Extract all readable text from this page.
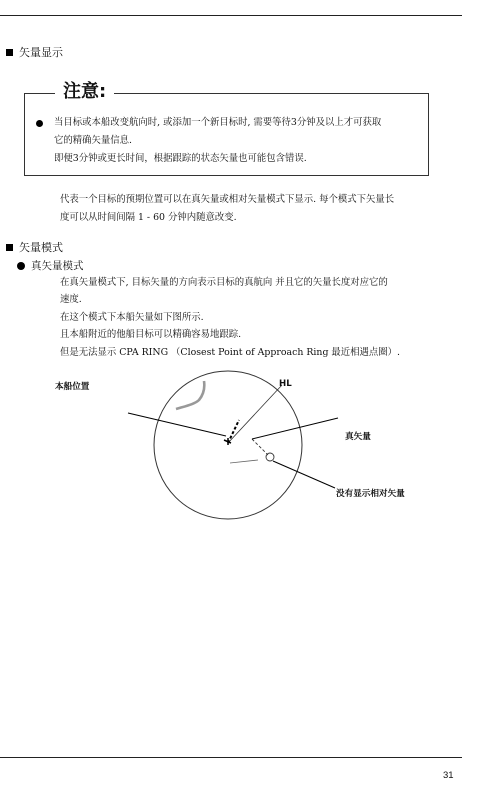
矢量显示
注意:
当目标或本船改变航向时, 或添加一个新目标时, 需要等待3分钟及以上才可获取
它的精确矢量信息.
即便3分钟或更长时间，根据跟踪的状态矢量也可能包含错误.
代表一个目标的预期位置可以在真矢量或相对矢量模式下显示. 每个模式下矢量长
度可以从时间间隔 1 - 60 分钟内随意改变.
矢量模式
真矢量模式
在真矢量模式下, 目标矢量的方向表示目标的真航向 并且它的矢量长度对应它的
速度.
在这个模式下本船矢量如下图所示.
且本船附近的他船目标可以精确容易地跟踪.
但是无法显示 CPA RING （Closest Point of Approach Ring 最近相遇点圈）.
本船位置	HL
真矢量
没有显示相对矢量
31
